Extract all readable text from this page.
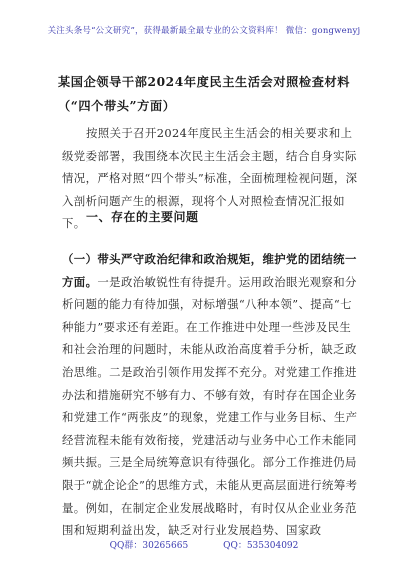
关注头条号“公文研究”，获得最新最全最专业的公文资料库！ 微信：gongwenyj
某国企领导干部2024年度民主生活会对照检查材料（“四个带头”方面）
按照关于召开2024年度民主生活会的相关要求和上级党委部署，我围绕本次民主生活会主题，结合自身实际情况，严格对照“四个带头”标准，全面梳理检视问题，深入剖析问题产生的根源，现将个人对照检查情况汇报如下。 一、存在的主要问题
（一）带头严守政治纪律和政治规矩，维护党的团结统一方面。一是政治敏锐性有待提升。运用政治眼光观察和分析问题的能力有待加强，对标增强“八种本领”、提高“七种能力”要求还有差距。在工作推进中处理一些涉及民生和社会治理的问题时，未能从政治高度着手分析，缺乏政治思维。二是政治引领作用发挥不充分。对党建工作推进办法和措施研究不够有力、不够有效，有时存在国企业务和党建工作“两张皮”的现象，党建工作与业务目标、生产经营流程未能有效衔接，党建活动与业务中心工作未能同频共振。三是全局统筹意识有待强化。部分工作推进仍局限于“就企论企”的思维方式，未能从更高层面进行统筹考量。例如，在制定企业发展战略时，有时仅从企业业务范围和短期利益出发，缺乏对行业发展趋势、国家政
QQ群：30265665	QQ：535304092
